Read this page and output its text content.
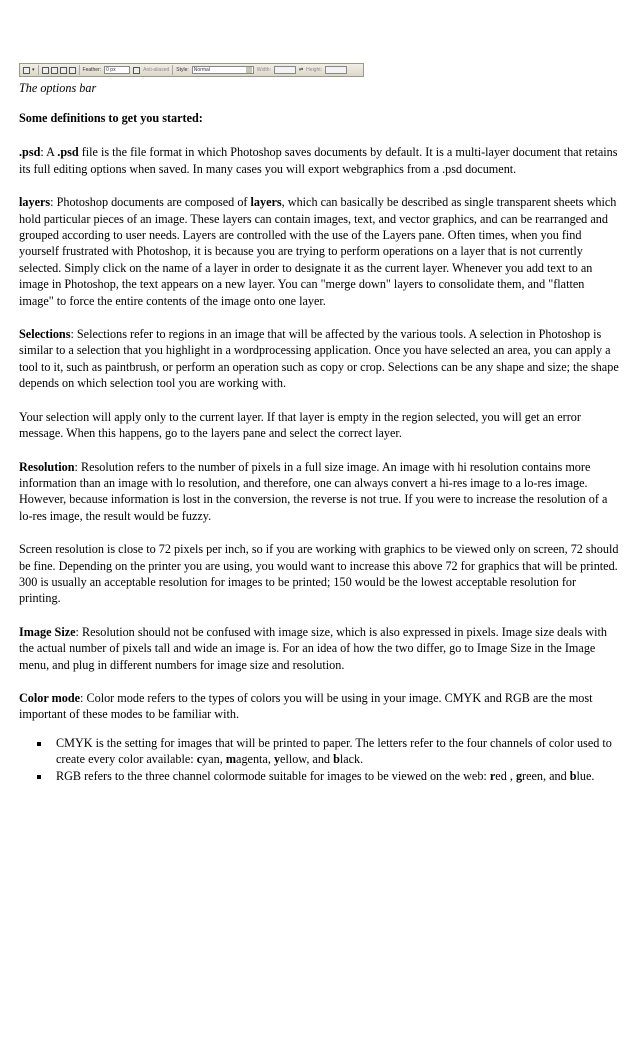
▾	Feather:	0 px	Anti-aliased Style: Normal	Width:	⇄ Height:
The options bar

Some definitions to get you started:

.psd: A .psd file is the file format in which Photoshop saves documents by default. It is a multi-layer document that retains its full editing options when saved. In many cases you will export webgraphics from a .psd document.

layers: Photoshop documents are composed of layers, which can basically be described as single transparent sheets which hold particular pieces of an image. These layers can contain images, text, and vector graphics, and can be rearranged and grouped according to user needs. Layers are controlled with the use of the Layers pane. Often times, when you find yourself frustrated with Photoshop, it is because you are trying to perform operations on a layer that is not currently selected. Simply click on the name of a layer in order to designate it as the current layer. Whenever you add text to an image in Photoshop, the text appears on a new layer. You can "merge down" layers to consolidate them, and "flatten image" to force the entire contents of the image onto one layer.

Selections: Selections refer to regions in an image that will be affected by the various tools. A selection in Photoshop is similar to a selection that you highlight in a wordprocessing application. Once you have selected an area, you can apply a tool to it, such as paintbrush, or perform an operation such as copy or crop. Selections can be any shape and size; the shape depends on which selection tool you are working with.

Your selection will apply only to the current layer. If that layer is empty in the region selected, you will get an error message. When this happens, go to the layers pane and select the correct layer.

Resolution: Resolution refers to the number of pixels in a full size image. An image with hi resolution contains more information than an image with lo resolution, and therefore, one can always convert a hi-res image to a lo-res image. However, because information is lost in the conversion, the reverse is not true. If you were to increase the resolution of a lo-res image, the result would be fuzzy.

Screen resolution is close to 72 pixels per inch, so if you are working with graphics to be viewed only on screen, 72 should be fine. Depending on the printer you are using, you would want to increase this above 72 for graphics that will be printed. 300 is usually an acceptable resolution for images to be printed; 150 would be the lowest acceptable resolution for printing.

Image Size: Resolution should not be confused with image size, which is also expressed in pixels. Image size deals with the actual number of pixels tall and wide an image is. For an idea of how the two differ, go to Image Size in the Image menu, and plug in different numbers for image size and resolution.

Color mode: Color mode refers to the types of colors you will be using in your image. CMYK and RGB are the most important of these modes to be familiar with.

CMYK is the setting for images that will be printed to paper. The letters refer to the four channels of color used to create every color available: cyan, magenta, yellow, and black.
RGB refers to the three channel colormode suitable for images to be viewed on the web: red , green, and blue.
